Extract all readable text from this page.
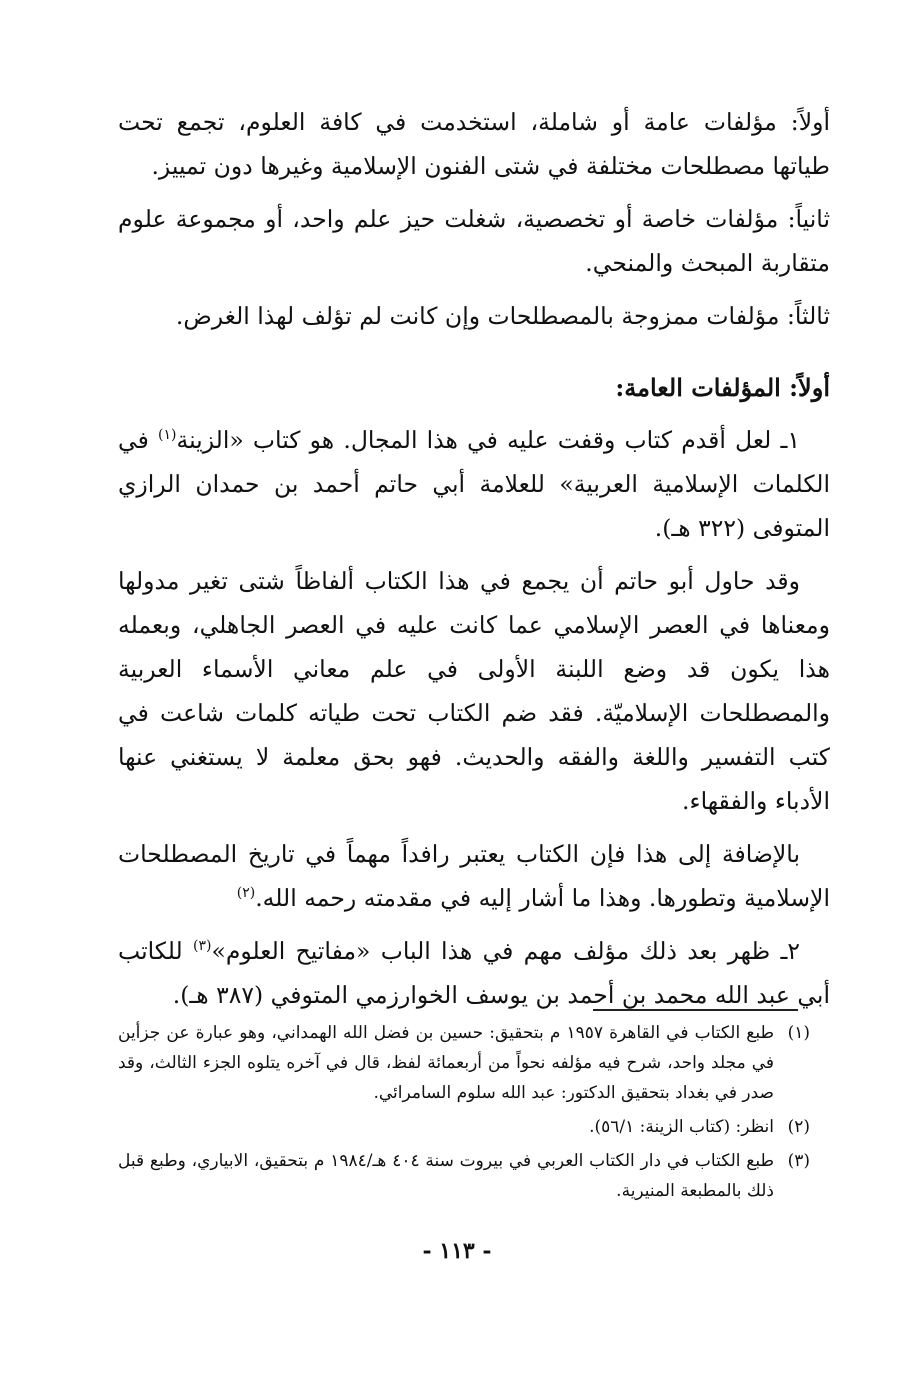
أولاً: مؤلفات عامة أو شاملة، استخدمت في كافة العلوم، تجمع تحت طياتها مصطلحات مختلفة في شتى الفنون الإسلامية وغيرها دون تمييز.

ثانياً: مؤلفات خاصة أو تخصصية، شغلت حيز علم واحد، أو مجموعة علوم متقاربة المبحث والمنحي.

ثالثاً: مؤلفات ممزوجة بالمصطلحات وإن كانت لم تؤلف لهذا الغرض.

أولاً: المؤلفات العامة:

١ـ لعل أقدم كتاب وقفت عليه في هذا المجال. هو كتاب «الزينة$^{(١)}$ في الكلمات الإسلامية العربية» للعلامة أبي حاتم أحمد بن حمدان الرازي المتوفى (٣٢٢ هـ).

وقد حاول أبو حاتم أن يجمع في هذا الكتاب ألفاظاً شتى تغير مدولها ومعناها في العصر الإسلامي عما كانت عليه في العصر الجاهلي، وبعمله هذا يكون قد وضع اللبنة الأولى في علم معاني الأسماء العربية والمصطلحات الإسلاميّة. فقد ضم الكتاب تحت طياته كلمات شاعت في كتب التفسير واللغة والفقه والحديث. فهو بحق معلمة لا يستغني عنها الأدباء والفقهاء.

بالإضافة إلى هذا فإن الكتاب يعتبر رافداً مهماً في تاريخ المصطلحات الإسلامية وتطورها. وهذا ما أشار إليه في مقدمته رحمه الله.$^{(٢)}$

٢ـ ظهر بعد ذلك مؤلف مهم في هذا الباب «مفاتيح العلوم»$^{(٣)}$ للكاتب أبي عبد الله محمد بن أحمد بن يوسف الخوارزمي المتوفي (٣٨٧ هـ).

(١)
طبع الكتاب في القاهرة ١٩٥٧ م بتحقيق: حسين بن فضل الله الهمداني، وهو عبارة عن جزأين في مجلد واحد، شرح فيه مؤلفه نحواً من أربعمائة لفظ، قال في آخره يتلوه الجزء الثالث، وقد صدر في بغداد بتحقيق الدكتور: عبد الله سلوم السامرائي.
(٢)
انظر: (كتاب الزينة: ٥٦/١).
(٣)
طبع الكتاب في دار الكتاب العربي في بيروت سنة ٤٠٤ هـ/١٩٨٤ م بتحقيق، الابياري، وطبع قبل ذلك بالمطبعة المنيرية.
- ١١٣ -
